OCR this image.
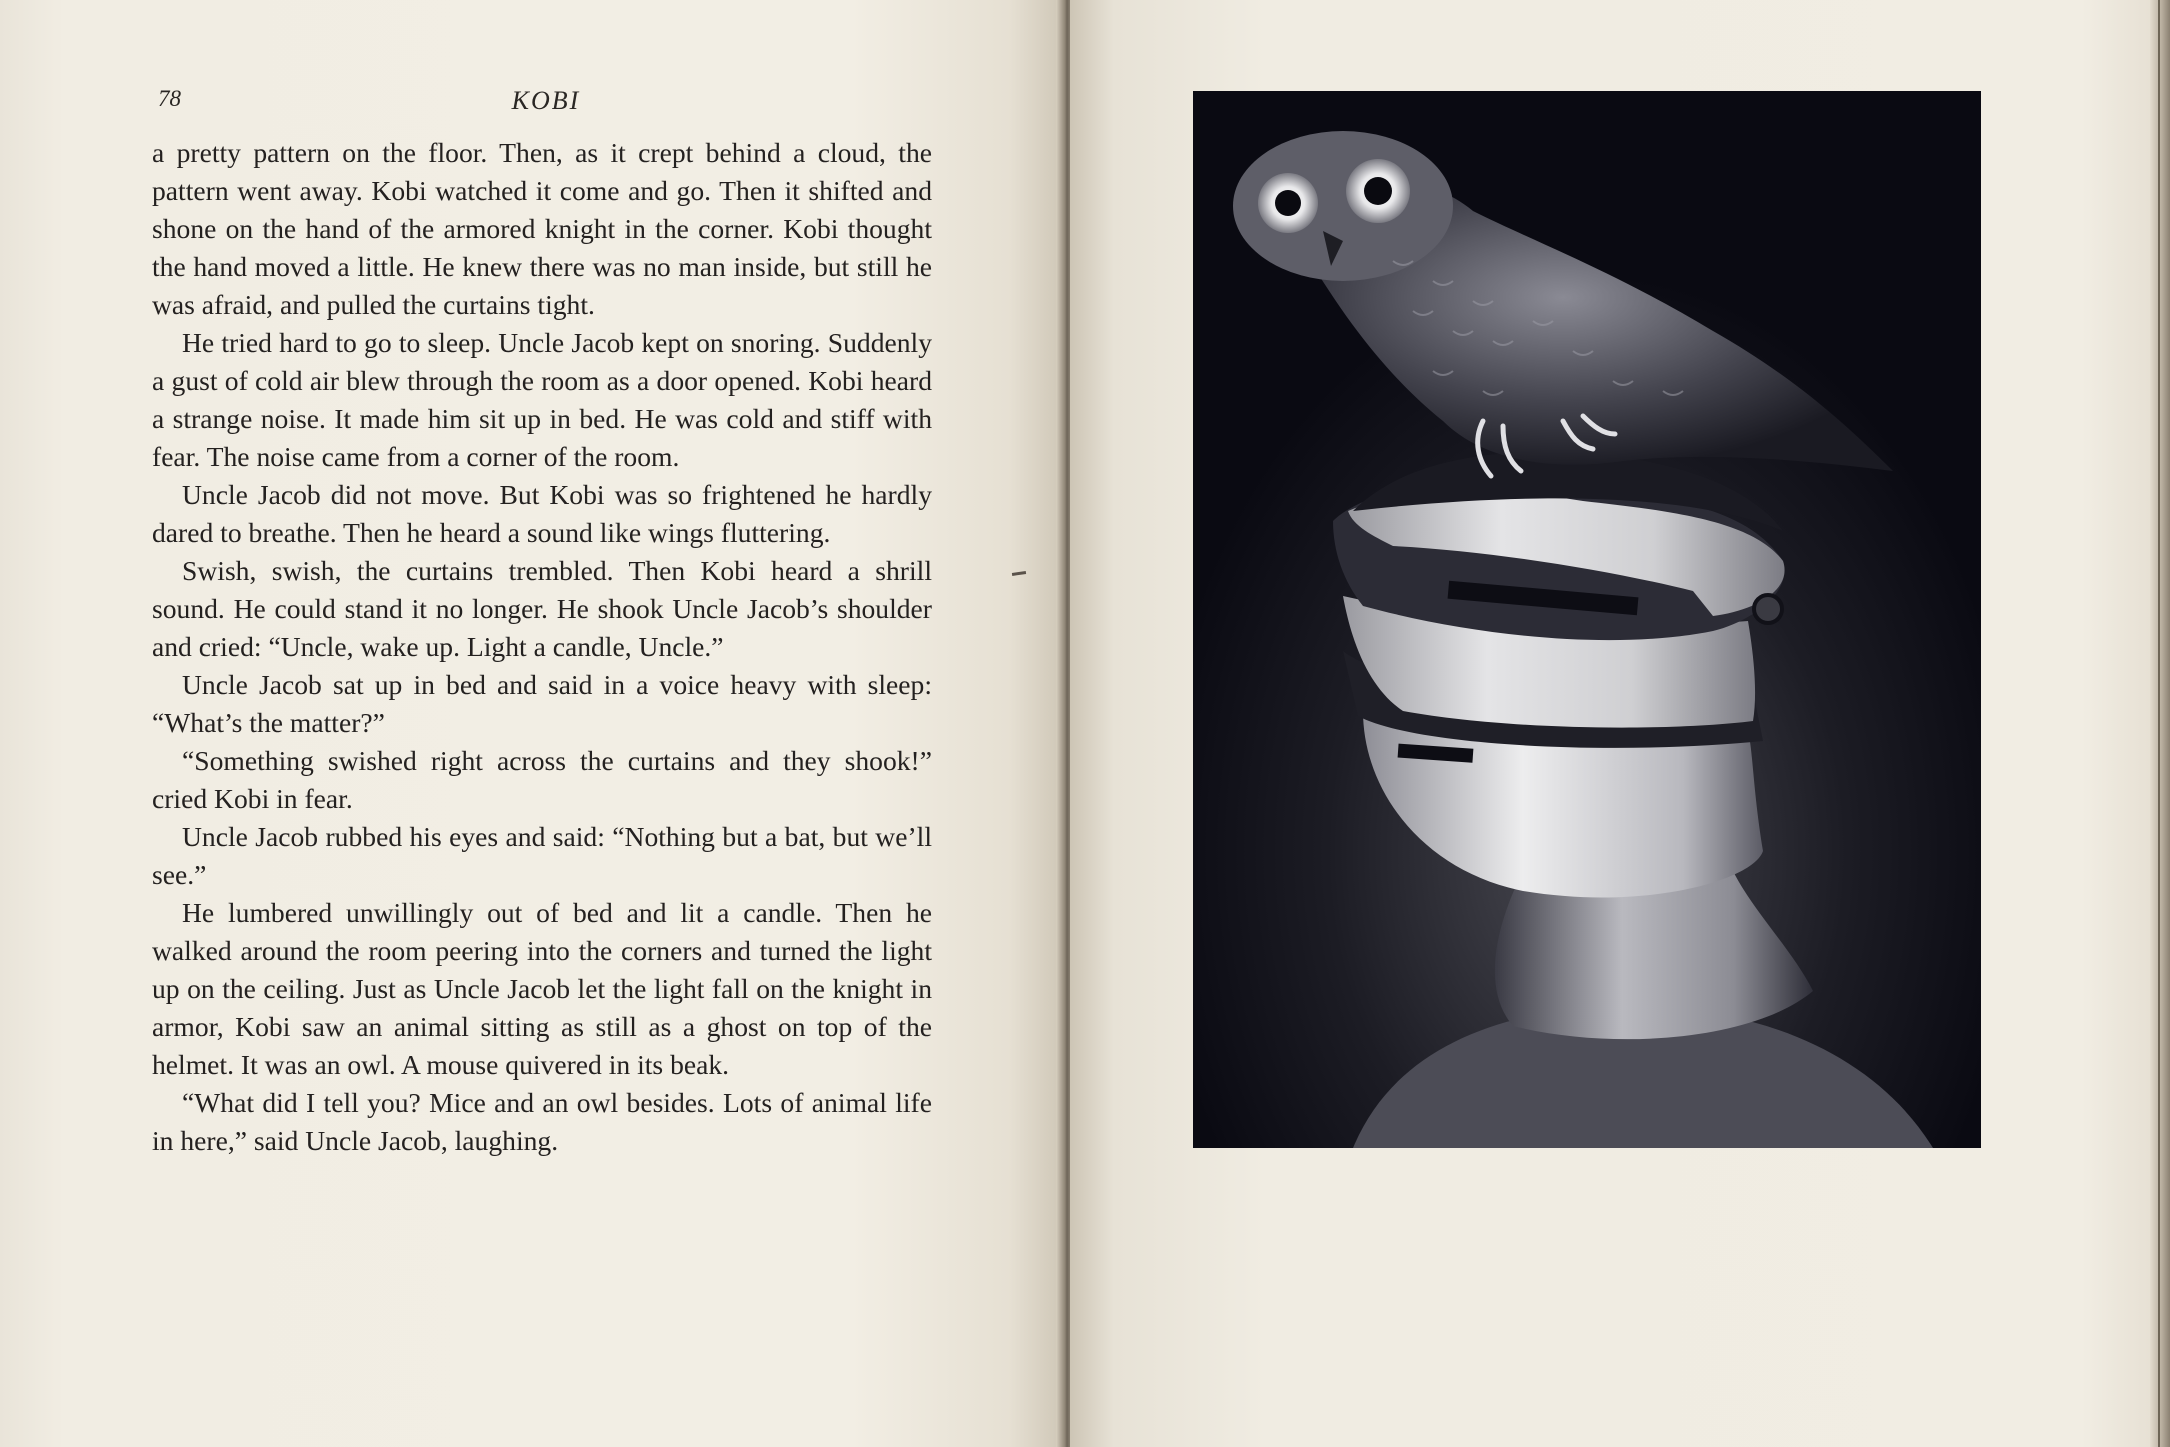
78	KOBI

a pretty pattern on the floor. Then, as it crept behind a cloud, the pattern went away. Kobi watched it come and go. Then it shifted and shone on the hand of the armored knight in the corner. Kobi thought the hand moved a little. He knew there was no man inside, but still he was afraid, and pulled the curtains tight.

He tried hard to go to sleep. Uncle Jacob kept on snoring. Suddenly a gust of cold air blew through the room as a door opened. Kobi heard a strange noise. It made him sit up in bed. He was cold and stiff with fear. The noise came from a corner of the room.

Uncle Jacob did not move. But Kobi was so frightened he hardly dared to breathe. Then he heard a sound like wings fluttering.

Swish, swish, the curtains trembled. Then Kobi heard a shrill sound. He could stand it no longer. He shook Uncle Jacob’s shoulder and cried: “Uncle, wake up. Light a candle, Uncle.”

Uncle Jacob sat up in bed and said in a voice heavy with sleep: “What’s the matter?”

“Something swished right across the curtains and they shook!” cried Kobi in fear.

Uncle Jacob rubbed his eyes and said: “Nothing but a bat, but we’ll see.”

He lumbered unwillingly out of bed and lit a candle. Then he walked around the room peering into the corners and turned the light up on the ceiling. Just as Uncle Jacob let the light fall on the knight in armor, Kobi saw an animal sitting as still as a ghost on top of the helmet. It was an owl. A mouse quivered in its beak.

“What did I tell you? Mice and an owl besides. Lots of animal life in here,” said Uncle Jacob, laughing.
